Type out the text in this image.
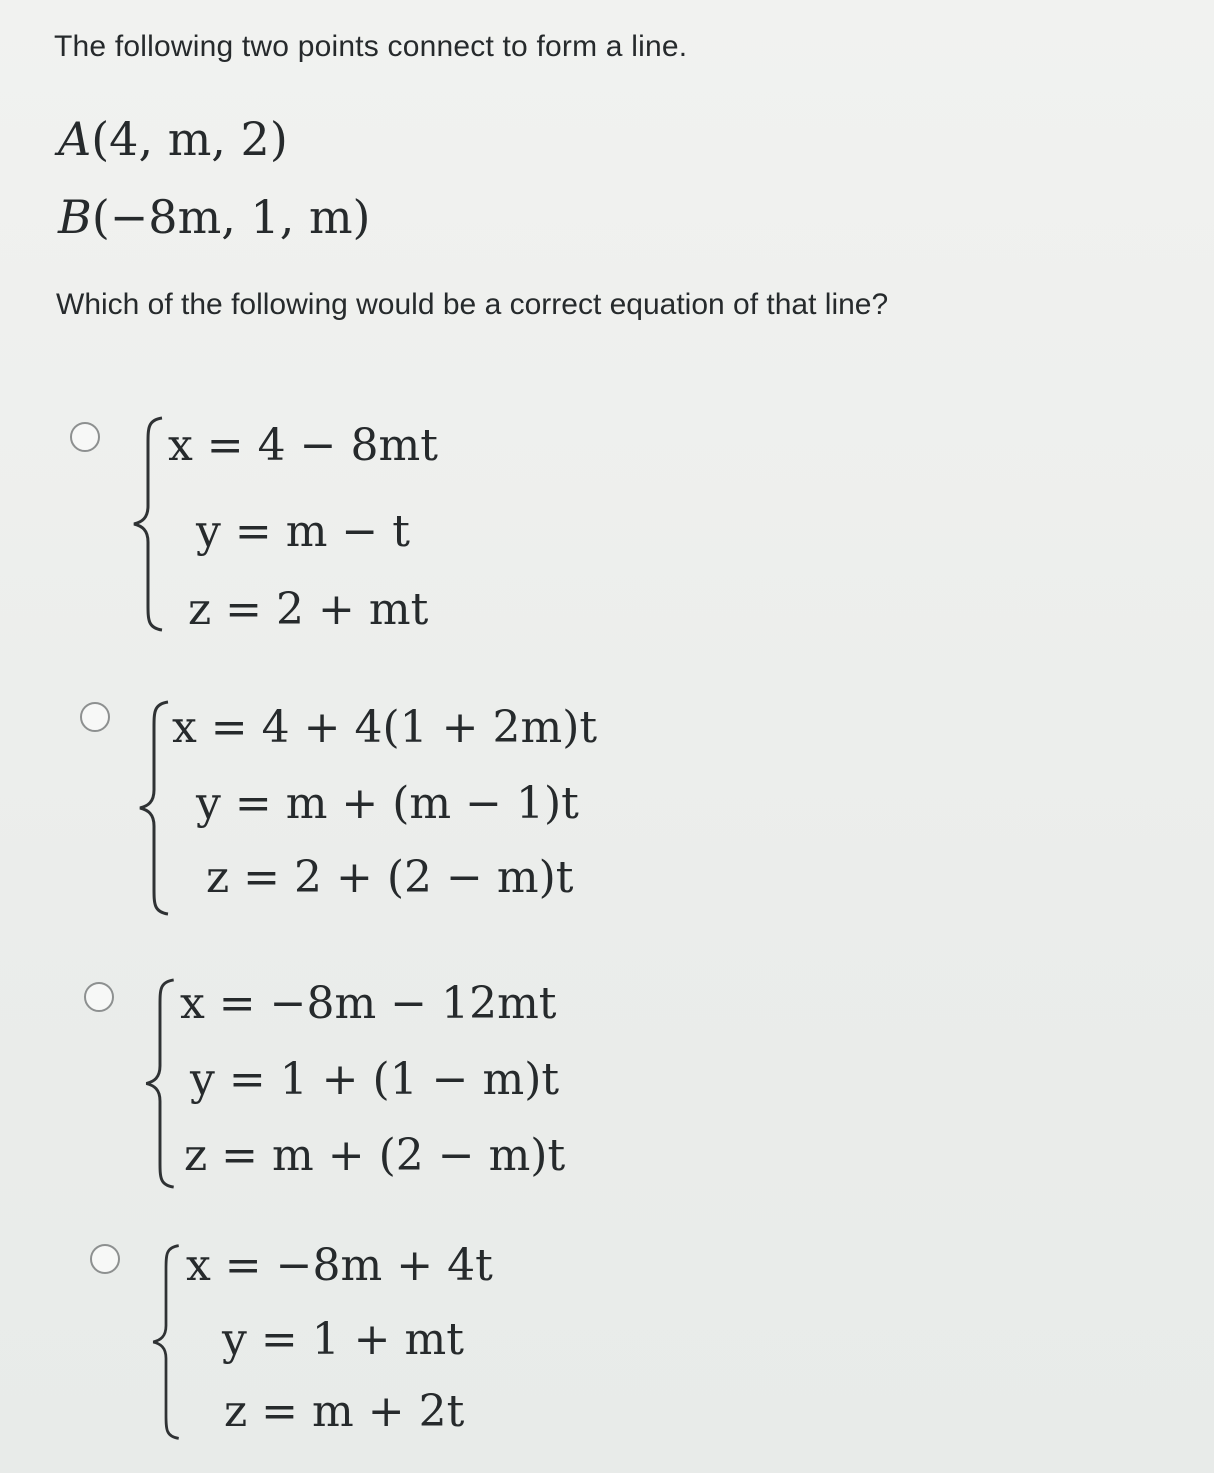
The following two points connect to form a line.
A(4, m, 2)
B(−8m, 1, m)
Which of the following would be a correct equation of that line?
x = 4 − 8mt
y = m − t
z = 2 + mt
x = 4 + 4(1 + 2m)t
y = m + (m − 1)t
z = 2 + (2 − m)t
x = −8m − 12mt
y = 1 + (1 − m)t
z = m + (2 − m)t
x = −8m + 4t
y = 1 + mt
z = m + 2t
